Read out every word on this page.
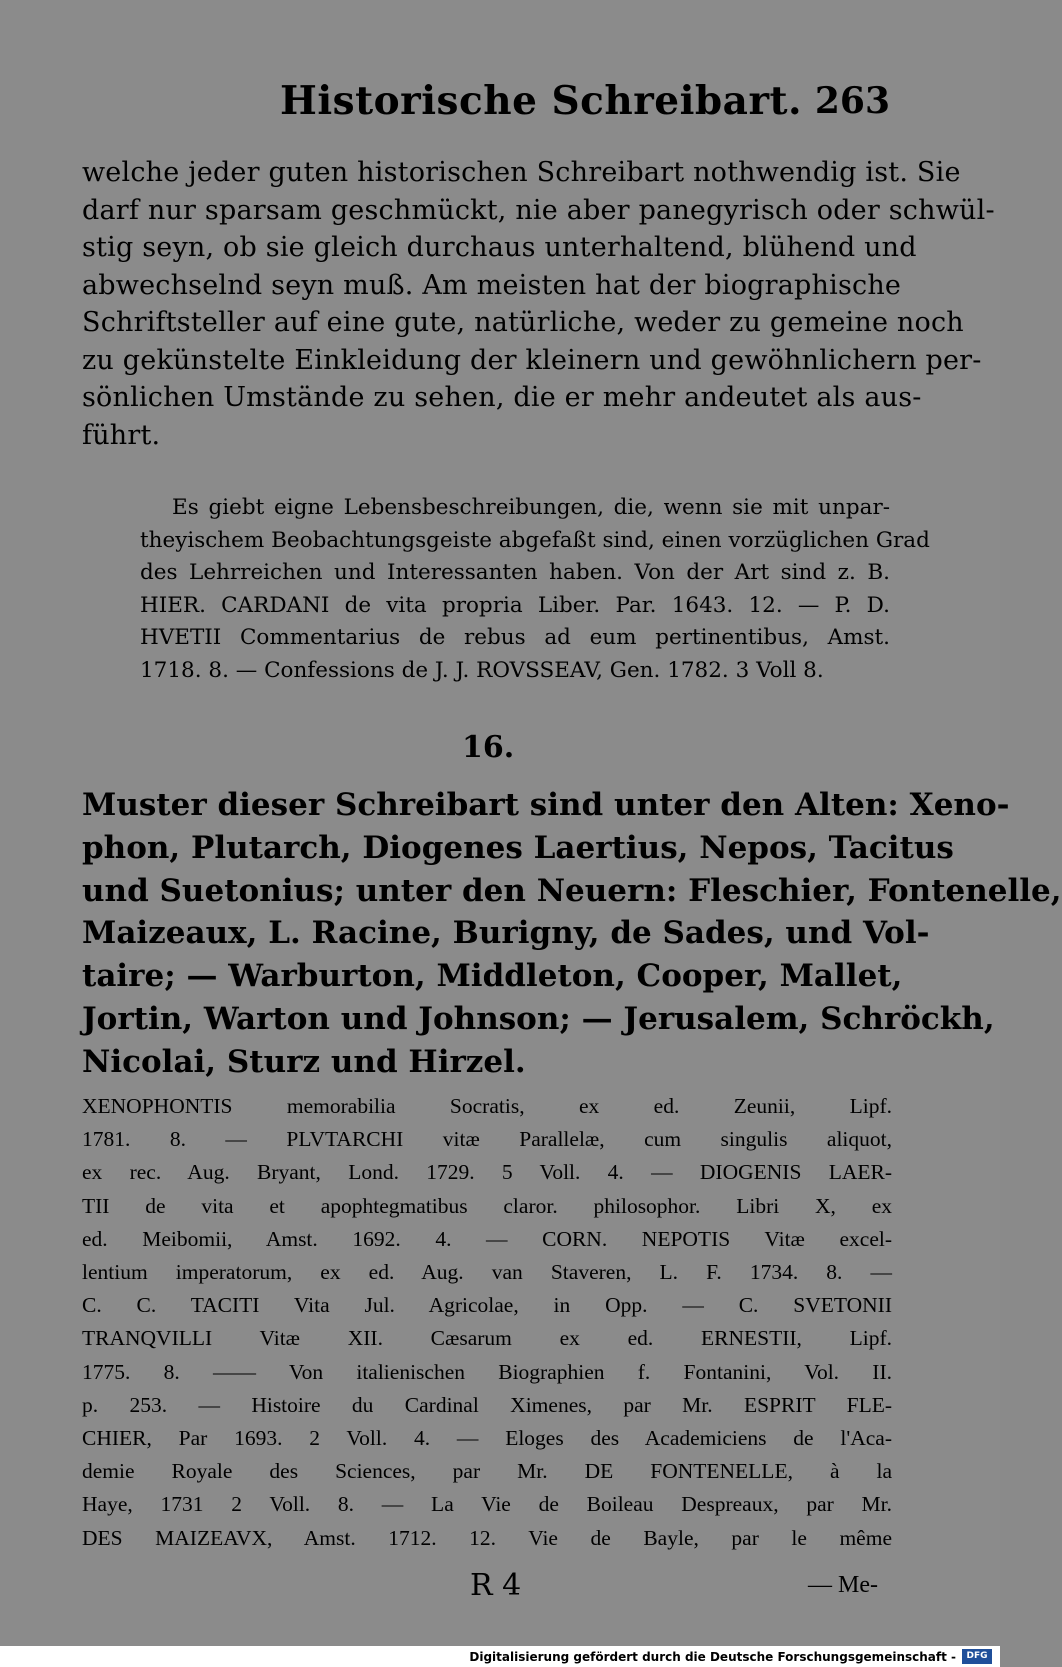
Historische Schreibart. 263
welche jeder guten historischen Schreibart nothwendig ist. Sie
darf nur sparsam geschmückt, nie aber panegyrisch oder schwül-
stig seyn, ob sie gleich durchaus unterhaltend, blühend und
abwechselnd seyn muß. Am meisten hat der biographische
Schriftsteller auf eine gute, natürliche, weder zu gemeine noch
zu gekünstelte Einkleidung der kleinern und gewöhnlichern per-
sönlichen Umstände zu sehen, die er mehr andeutet als aus-
führt.
Es giebt eigne Lebensbeschreibungen, die, wenn sie mit unpar-
theyischem Beobachtungsgeiste abgefaßt sind, einen vorzüglichen Grad
des Lehrreichen und Interessanten haben. Von der Art sind z. B.
HIER. CARDANI de vita propria Liber. Par. 1643. 12. — P. D.
HVETII Commentarius de rebus ad eum pertinentibus, Amst.
1718. 8. — Confessions de J. J. ROVSSEAV, Gen. 1782. 3 Voll 8.
16.
Muster dieser Schreibart sind unter den Alten: Xeno-
phon, Plutarch, Diogenes Laertius, Nepos, Tacitus
und Suetonius; unter den Neuern: Fleschier, Fontenelle,
Maizeaux, L. Racine, Burigny, de Sades, und Vol-
taire; — Warburton, Middleton, Cooper, Mallet,
Jortin, Warton und Johnson; — Jerusalem, Schröckh,
Nicolai, Sturz und Hirzel.
XENOPHONTIS memorabilia Socratis, ex ed. Zeunii, Lipf.
1781. 8. — PLVTARCHI vitæ Parallelæ, cum singulis aliquot,
ex rec. Aug. Bryant, Lond. 1729. 5 Voll. 4. — DIOGENIS LAER-
TII de vita et apophtegmatibus claror. philosophor. Libri X, ex
ed. Meibomii, Amst. 1692. 4. — CORN. NEPOTIS Vitæ excel-
lentium imperatorum, ex ed. Aug. van Staveren, L. F. 1734. 8. —
C. C. TACITI Vita Jul. Agricolae, in Opp. — C. SVETONII
TRANQVILLI Vitæ XII. Cæsarum ex ed. ERNESTII, Lipf.
1775. 8. —— Von italienischen Biographien f. Fontanini, Vol. II.
p. 253. — Histoire du Cardinal Ximenes, par Mr. ESPRIT FLE-
CHIER, Par 1693. 2 Voll. 4. — Eloges des Academiciens de l'Aca-
demie Royale des Sciences, par Mr. DE FONTENELLE, à la
Haye, 1731 2 Voll. 8. — La Vie de Boileau Despreaux, par Mr.
DES MAIZEAVX, Amst. 1712. 12. Vie de Bayle, par le même
R 4	— Me-
Digitalisierung gefördert durch die Deutsche Forschungsgemeinschaft -	DFG
